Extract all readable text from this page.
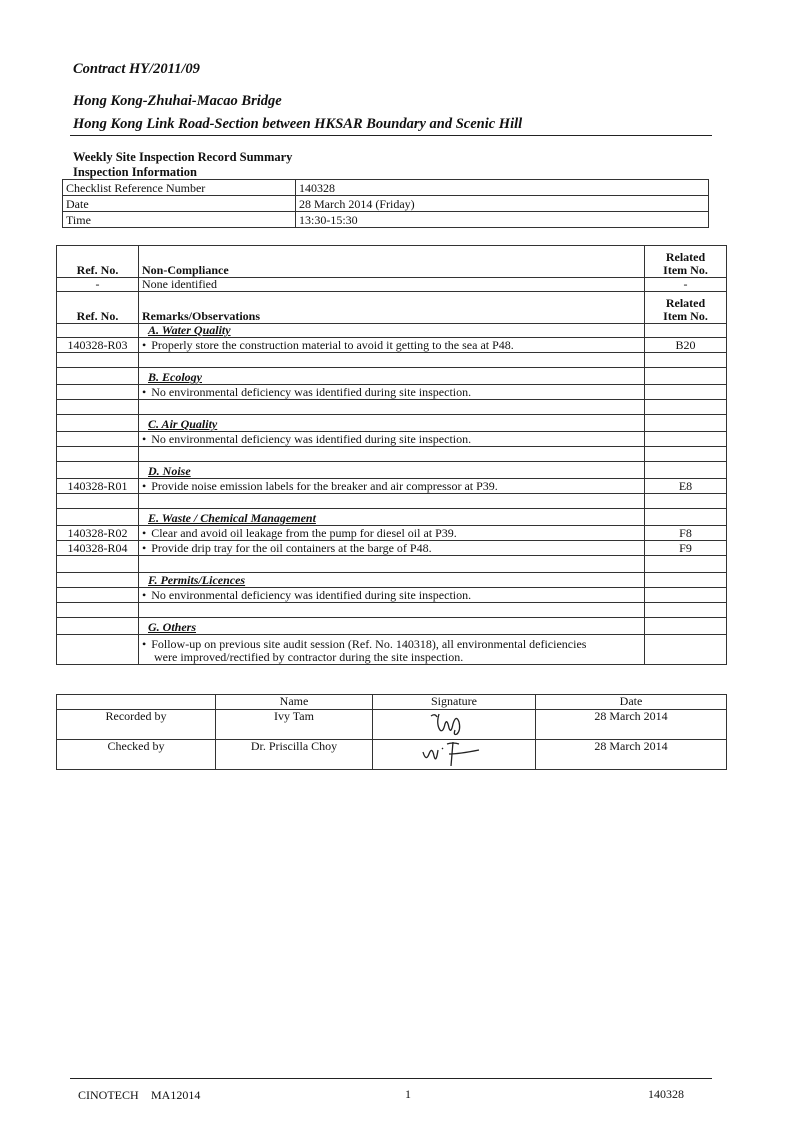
Contract HY/2011/09
Hong Kong-Zhuhai-Macao Bridge
Hong Kong Link Road-Section between HKSAR Boundary and Scenic Hill
Weekly Site Inspection Record Summary
Inspection Information
Checklist Reference Number	140328
Date	28 March 2014 (Friday)
Time	13:30-15:30
Ref. No.	Non-Compliance	Related
Item No.
-	None identified	-
Ref. No.	Remarks/Observations	Related
Item No.
	A. Water Quality	
140328-R03	• Properly store the construction material to avoid it getting to the sea at P48.	B20

	B. Ecology	
	• No environmental deficiency was identified during site inspection.	

	C. Air Quality	
	• No environmental deficiency was identified during site inspection.	

	D. Noise	
140328-R01	• Provide noise emission labels for the breaker and air compressor at P39.	E8

	E. Waste / Chemical Management	
140328-R02	• Clear and avoid oil leakage from the pump for diesel oil at P39.	F8
140328-R04	• Provide drip tray for the oil containers at the barge of P48.	F9

	F. Permits/Licences	
	• No environmental deficiency was identified during site inspection.	

	G. Others	
	• Follow-up on previous site audit session (Ref. No. 140318), all environmental deficiencies
were improved/rectified by contractor during the site inspection.	
	Name	Signature	Date
Recorded by	Ivy Tam		28 March 2014
Checked by	Dr. Priscilla Choy		28 March 2014
CINOTECH MA12014	1	140328
